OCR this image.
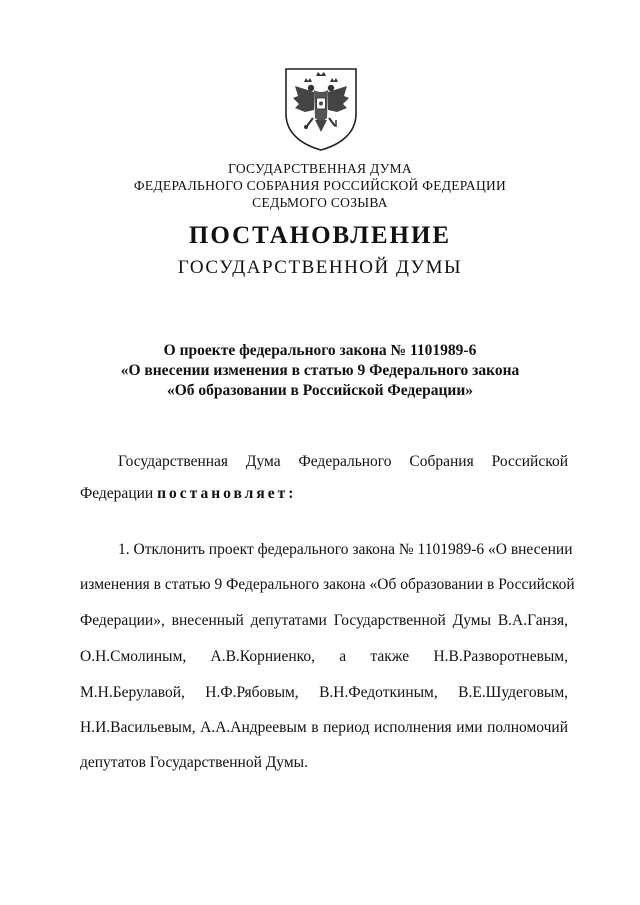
ГОСУДАРСТВЕННАЯ ДУМА
ФЕДЕРАЛЬНОГО СОБРАНИЯ РОССИЙСКОЙ ФЕДЕРАЦИИ
СЕДЬМОГО СОЗЫВА
ПОСТАНОВЛЕНИЕ
ГОСУДАРСТВЕННОЙ ДУМЫ
О проекте федерального закона № 1101989-6
«О внесении изменения в статью 9 Федерального закона
«Об образовании в Российской Федерации»
Государственная Дума Федерального Собрания Российской
Федерации постановляет:
1. Отклонить проект федерального закона № 1101989-6 «О внесении
изменения в статью 9 Федерального закона «Об образовании в Российской
Федерации», внесенный депутатами Государственной Думы В.А.Ганзя,
О.Н.Смолиным, А.В.Корниенко, а также Н.В.Разворотневым,
М.Н.Берулавой, Н.Ф.Рябовым, В.Н.Федоткиным, В.Е.Шудеговым,
Н.И.Васильевым, А.А.Андреевым в период исполнения ими полномочий
депутатов Государственной Думы.
